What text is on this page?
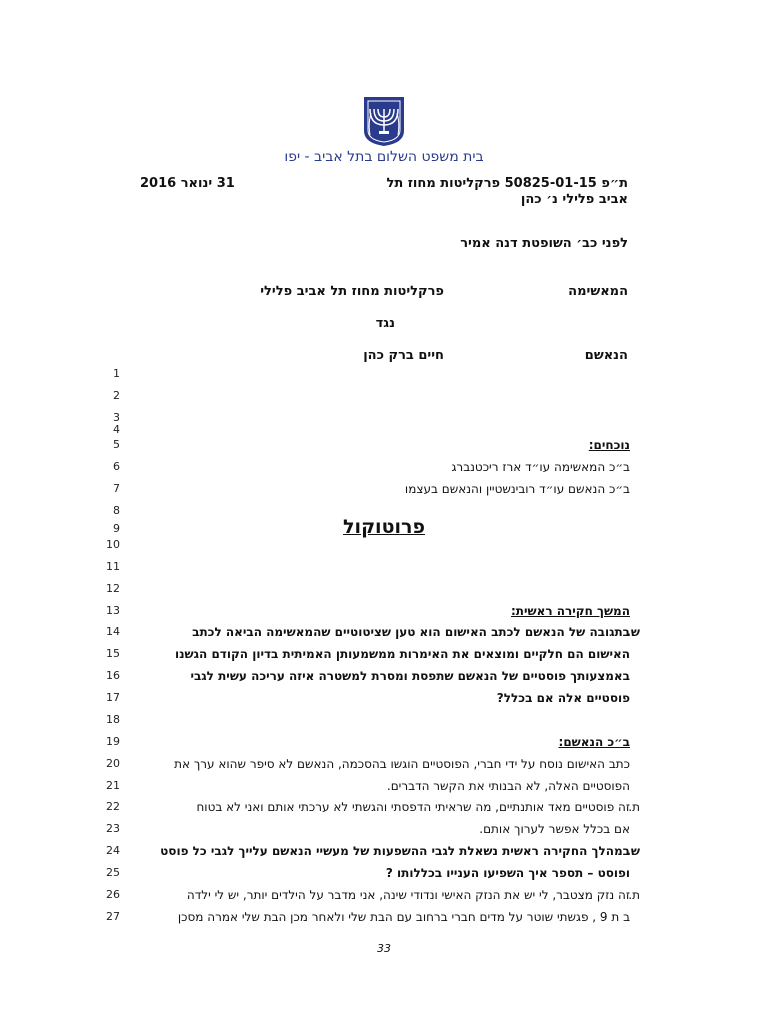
בית משפט השלום בתל אביב - יפו
ת״פ 50825-01-15 פרקליטות מחוז תל
אביב פלילי נ׳ כהן
31 ינואר 2016
לפני כב׳ השופטת דנה אמיר
המאשימה
פרקליטות מחוז תל אביב פלילי
נגד
הנאשם
חיים ברק כהן
1
2
3
4
5
6
7
8
9
10
11
12
13
14
15
16
17
18
19
20
21
22
23
24
25
26
27
נוכחים:
ב״כ המאשימה עו״ד ארז ריכטנברג
ב״כ הנאשם עו״ד רובינשטיין והנאשם בעצמו
פרוטוקול
המשך חקירה ראשית:
ש.
בתגובה של הנאשם לכתב האישום הוא טען שציטוטיים שהמאשימה הביאה לכתב
האישום הם חלקיים ומוצאים את האימרות ממשמעותן האמיתית בדיון הקודם הגשנו
באמצעותך פוסטיים של הנאשם שתפסת ומסרת למשטרה איזה עריכה עשית לגבי
פוסטיים אלה אם בכלל?
ב״כ הנאשם:
כתב האישום נוסח על ידי חברי, הפוסטיים הוגשו בהסכמה, הנאשם לא סיפר שהוא ערך את
הפוסטיים האלה, לא הבנותי את הקשר הדברים.
ת.
זה פוסטיים מאד אותנתיים, מה שראיתי הדפסתי והגשתי לא ערכתי אותם ואני לא בטוח
אם בכלל אפשר לערוך אותם.
ש.
במהלך החקירה ראשית נשאלת לגבי ההשפעות של מעשיי הנאשם עלייך לגבי כל פוסט
ופוסט – תספר איך השפיעו הענייו בכללותו ?
ת.
זה נזק מצטבר, לי יש את הנזק האישי ונדודי שינה, אני מדבר על הילדים יותר, יש לי ילדה
ב ת 9 , פגשתי שוטר על מדים חברי ברחוב עם הבת שלי ולאחר מכן הבת שלי אמרה מסכן
33
